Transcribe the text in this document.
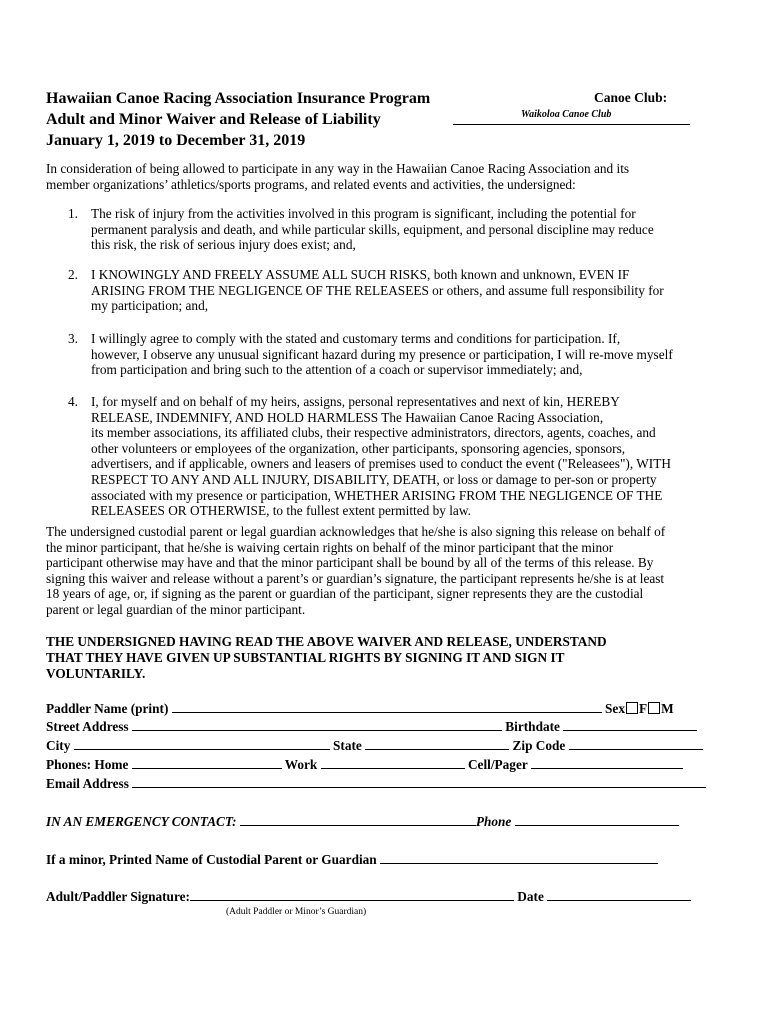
Hawaiian Canoe Racing Association Insurance Program
Adult and Minor Waiver and Release of Liability
January 1, 2019 to December 31, 2019
Canoe Club:
Waikoloa Canoe Club
In consideration of being allowed to participate in any way in the Hawaiian Canoe Racing Association and its
member organizations’ athletics/sports programs, and related events and activities, the undersigned:
1. The risk of injury from the activities involved in this program is significant, including the potential for
permanent paralysis and death, and while particular skills, equipment, and personal discipline may reduce
this risk, the risk of serious injury does exist; and,
2. I KNOWINGLY AND FREELY ASSUME ALL SUCH RISKS, both known and unknown, EVEN IF
ARISING FROM THE NEGLIGENCE OF THE RELEASEES or others, and assume full responsibility for
my participation; and,
3. I willingly agree to comply with the stated and customary terms and conditions for participation. If,
however, I observe any unusual significant hazard during my presence or participation, I will re-move myself
from participation and bring such to the attention of a coach or supervisor immediately; and,
4. I, for myself and on behalf of my heirs, assigns, personal representatives and next of kin, HEREBY
RELEASE, INDEMNIFY, AND HOLD HARMLESS The Hawaiian Canoe Racing Association,
its member associations, its affiliated clubs, their respective administrators, directors, agents, coaches, and
other volunteers or employees of the organization, other participants, sponsoring agencies, sponsors,
advertisers, and if applicable, owners and leasers of premises used to conduct the event ("Releasees"), WITH
RESPECT TO ANY AND ALL INJURY, DISABILITY, DEATH, or loss or damage to per-son or property
associated with my presence or participation, WHETHER ARISING FROM THE NEGLIGENCE OF THE
RELEASEES OR OTHERWISE, to the fullest extent permitted by law.
The undersigned custodial parent or legal guardian acknowledges that he/she is also signing this release on behalf of
the minor participant, that he/she is waiving certain rights on behalf of the minor participant that the minor
participant otherwise may have and that the minor participant shall be bound by all of the terms of this release. By
signing this waiver and release without a parent’s or guardian’s signature, the participant represents he/she is at least
18 years of age, or, if signing as the parent or guardian of the participant, signer represents they are the custodial
parent or legal guardian of the minor participant.
THE UNDERSIGNED HAVING READ THE ABOVE WAIVER AND RELEASE, UNDERSTAND
THAT THEY HAVE GIVEN UP SUBSTANTIAL RIGHTS BY SIGNING IT AND SIGN IT
VOLUNTARILY.
Paddler Name (print)	Sex F M
Street Address	Birthdate
City	State	Zip Code
Phones: Home	Work	Cell/Pager
Email Address
IN AN EMERGENCY CONTACT:	Phone
If a minor, Printed Name of Custodial Parent or Guardian
Adult/Paddler Signature:	Date
(Adult Paddler or Minor’s Guardian)
